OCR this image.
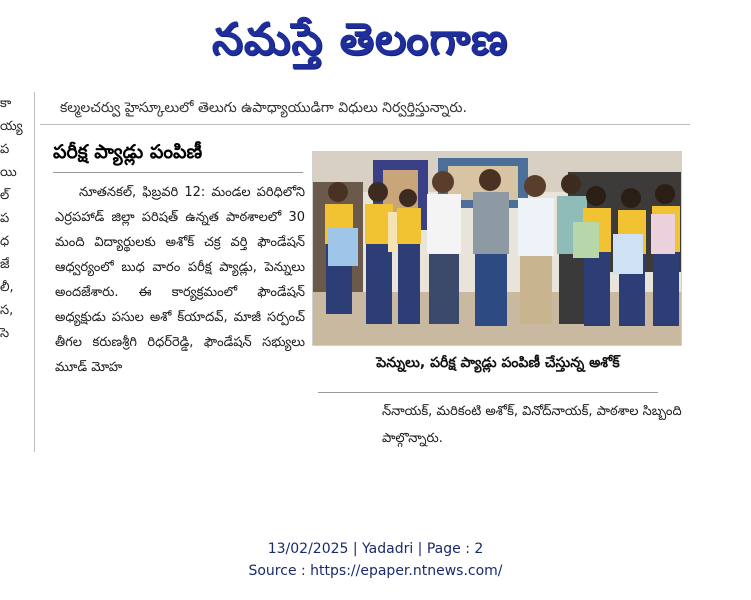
నమస్తే తెలంగాణ
కా
య్య
ప
యి
ల్
ప
ధ
జే
లీ,
స,
సె
కల్మలచర్వు హైస్కూలులో తెలుగు ఉపాధ్యాయుడిగా విధులు నిర్వర్తిస్తున్నారు.
పరీక్ష ప్యాడ్లు పంపిణీ

నూతనకల్, ఫిబ్రవరి 12: మండల పరిధిలోని ఎర్రపహాడ్ జిల్లా పరిషత్ ఉన్నత పాఠశాలలో 30 మంది విద్యార్థులకు అశోక్ చక్ర వర్తి ఫౌండేషన్ ఆధ్వర్యంలో బుధ వారం పరీక్ష ప్యాడ్లు, పెన్నులు అందజేశారు. ఈ కార్యక్రమంలో ఫౌండేషన్ అధ్యక్షుడు పసుల అశో క్‌యాదవ్, మాజీ సర్పంచ్ తీగల కరుణశ్రీగి రిధర్‌రెడ్డి, ఫౌండేషన్ సభ్యులు మూడ్ మోహ	పెన్నులు, పరీక్ష ప్యాడ్లు పంపిణీ చేస్తున్న అశోక్
న్‌నాయక్, మరికంటి అశోక్, వినోద్‌నాయక్, పాఠశాల సిబ్బంది పాల్గొన్నారు.
13/02/2025 | Yadadri | Page : 2
Source : https://epaper.ntnews.com/
